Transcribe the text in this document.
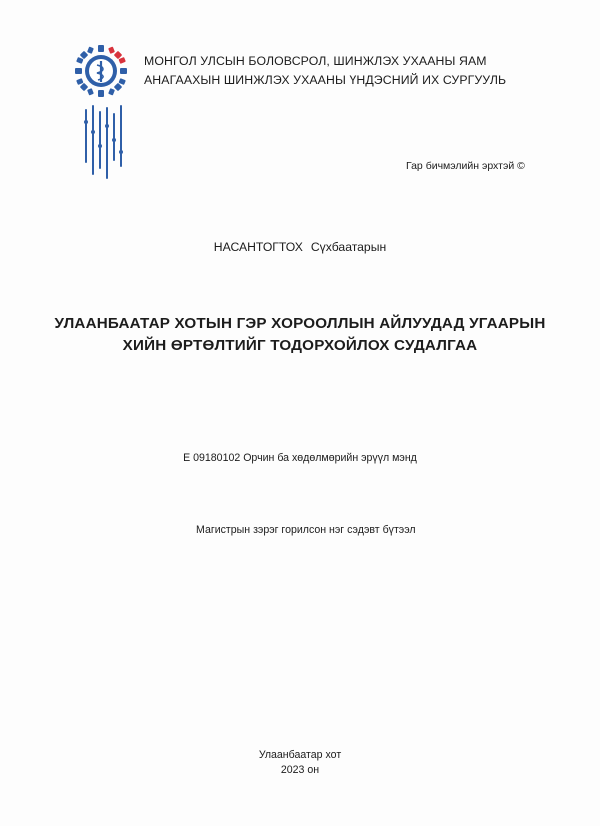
МОНГОЛ УЛСЫН БОЛОВСРОЛ, ШИНЖЛЭХ УХААНЫ ЯАМ
АНАГААХЫН ШИНЖЛЭХ УХААНЫ ҮНДЭСНИЙ ИХ СУРГУУЛЬ
Гар бичмэлийн эрхтэй ©
НАСАНТОГТОХ Сүхбаатарын
УЛААНБААТАР ХОТЫН ГЭР ХОРООЛЛЫН АЙЛУУДАД УГААРЫН
ХИЙН ӨРТӨЛТИЙГ ТОДОРХОЙЛОХ СУДАЛГАА
Е 09180102 Орчин ба хөдөлмөрийн эрүүл мэнд
Магистрын зэрэг горилсон нэг сэдэвт бүтээл
Улаанбаатар хот
2023 он
